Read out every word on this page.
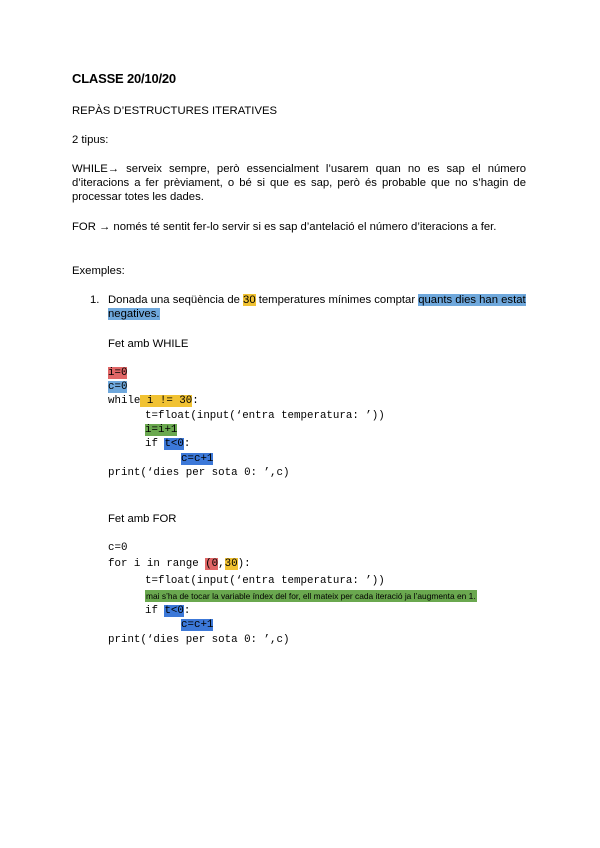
CLASSE 20/10/20
REPÀS D’ESTRUCTURES ITERATIVES
2 tipus:
WHILE→ serveix sempre, però essencialment l’usarem quan no es sap el número
d’iteracions a fer prèviament, o bé si que es sap, però és probable que no s’hagin de
processar totes les dades.
FOR → només té sentit fer-lo servir si es sap d’antelació el número d’iteracions a fer.
Exemples:
1. Donada una seqüència de 30 temperatures mínimes comptar quants dies han estat
negatives.
Fet amb WHILE
i=0
c=0
while i != 30:
t=float(input(‘entra temperatura: ’))
i=i+1
if t<0:
c=c+1
print(‘dies per sota 0: ’,c)
Fet amb FOR
c=0
for i in range (0,30):
t=float(input(‘entra temperatura: ’))
mai s’ha de tocar la variable índex del for, ell mateix per cada iteració ja l’augmenta en 1.
if t<0:
c=c+1
print(‘dies per sota 0: ’,c)
